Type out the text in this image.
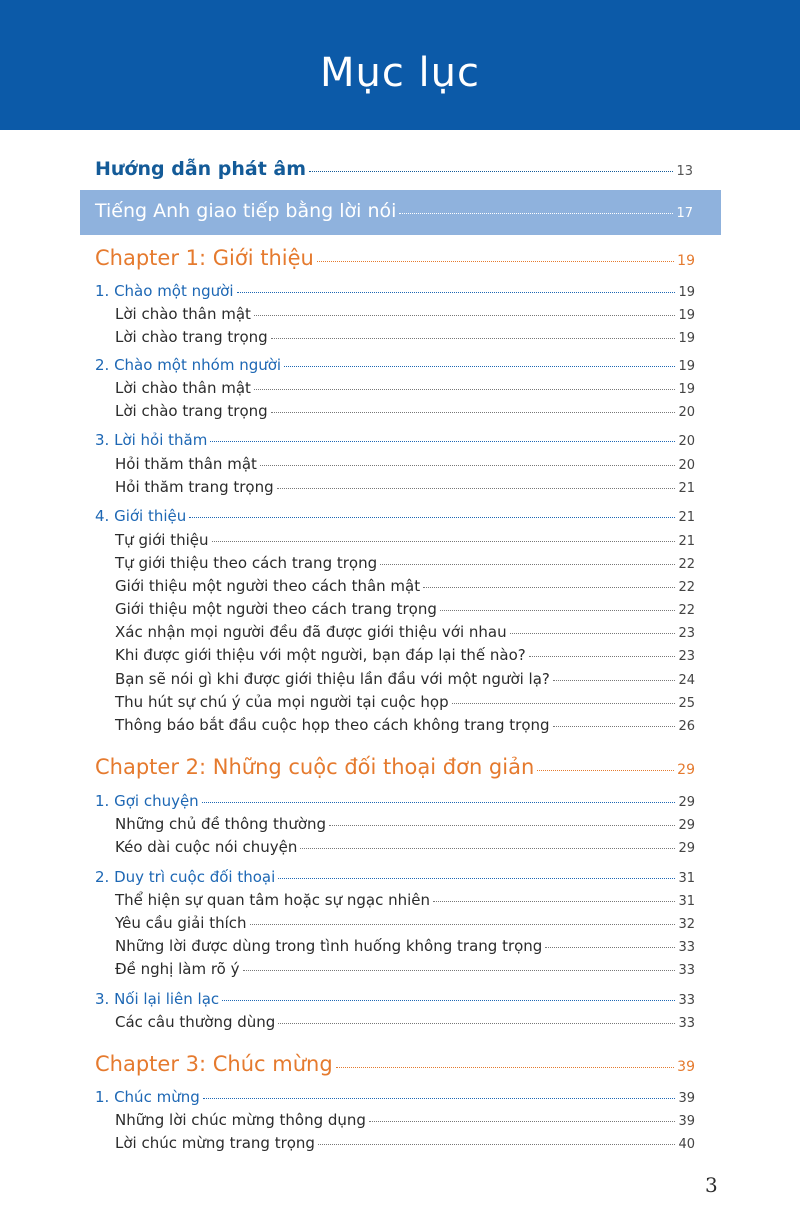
Mục lục
Hướng dẫn phát âm	13
Tiếng Anh giao tiếp bằng lời nói	17
Chapter 1: Giới thiệu	19
1. Chào một người	19
Lời chào thân mật	19
Lời chào trang trọng	19
2. Chào một nhóm người	19
Lời chào thân mật	19
Lời chào trang trọng	20
3. Lời hỏi thăm	20
Hỏi thăm thân mật	20
Hỏi thăm trang trọng	21
4. Giới thiệu	21
Tự giới thiệu	21
Tự giới thiệu theo cách trang trọng	22
Giới thiệu một người theo cách thân mật	22
Giới thiệu một người theo cách trang trọng	22
Xác nhận mọi người đều đã được giới thiệu với nhau	23
Khi được giới thiệu với một người, bạn đáp lại thế nào?	23
Bạn sẽ nói gì khi được giới thiệu lần đầu với một người lạ?	24
Thu hút sự chú ý của mọi người tại cuộc họp	25
Thông báo bắt đầu cuộc họp theo cách không trang trọng	26
Chapter 2: Những cuộc đối thoại đơn giản	29
1. Gợi chuyện	29
Những chủ đề thông thường	29
Kéo dài cuộc nói chuyện	29
2. Duy trì cuộc đối thoại	31
Thể hiện sự quan tâm hoặc sự ngạc nhiên	31
Yêu cầu giải thích	32
Những lời được dùng trong tình huống không trang trọng	33
Đề nghị làm rõ ý	33
3. Nối lại liên lạc	33
Các câu thường dùng	33
Chapter 3: Chúc mừng	39
1. Chúc mừng	39
Những lời chúc mừng thông dụng	39
Lời chúc mừng trang trọng	40
3
